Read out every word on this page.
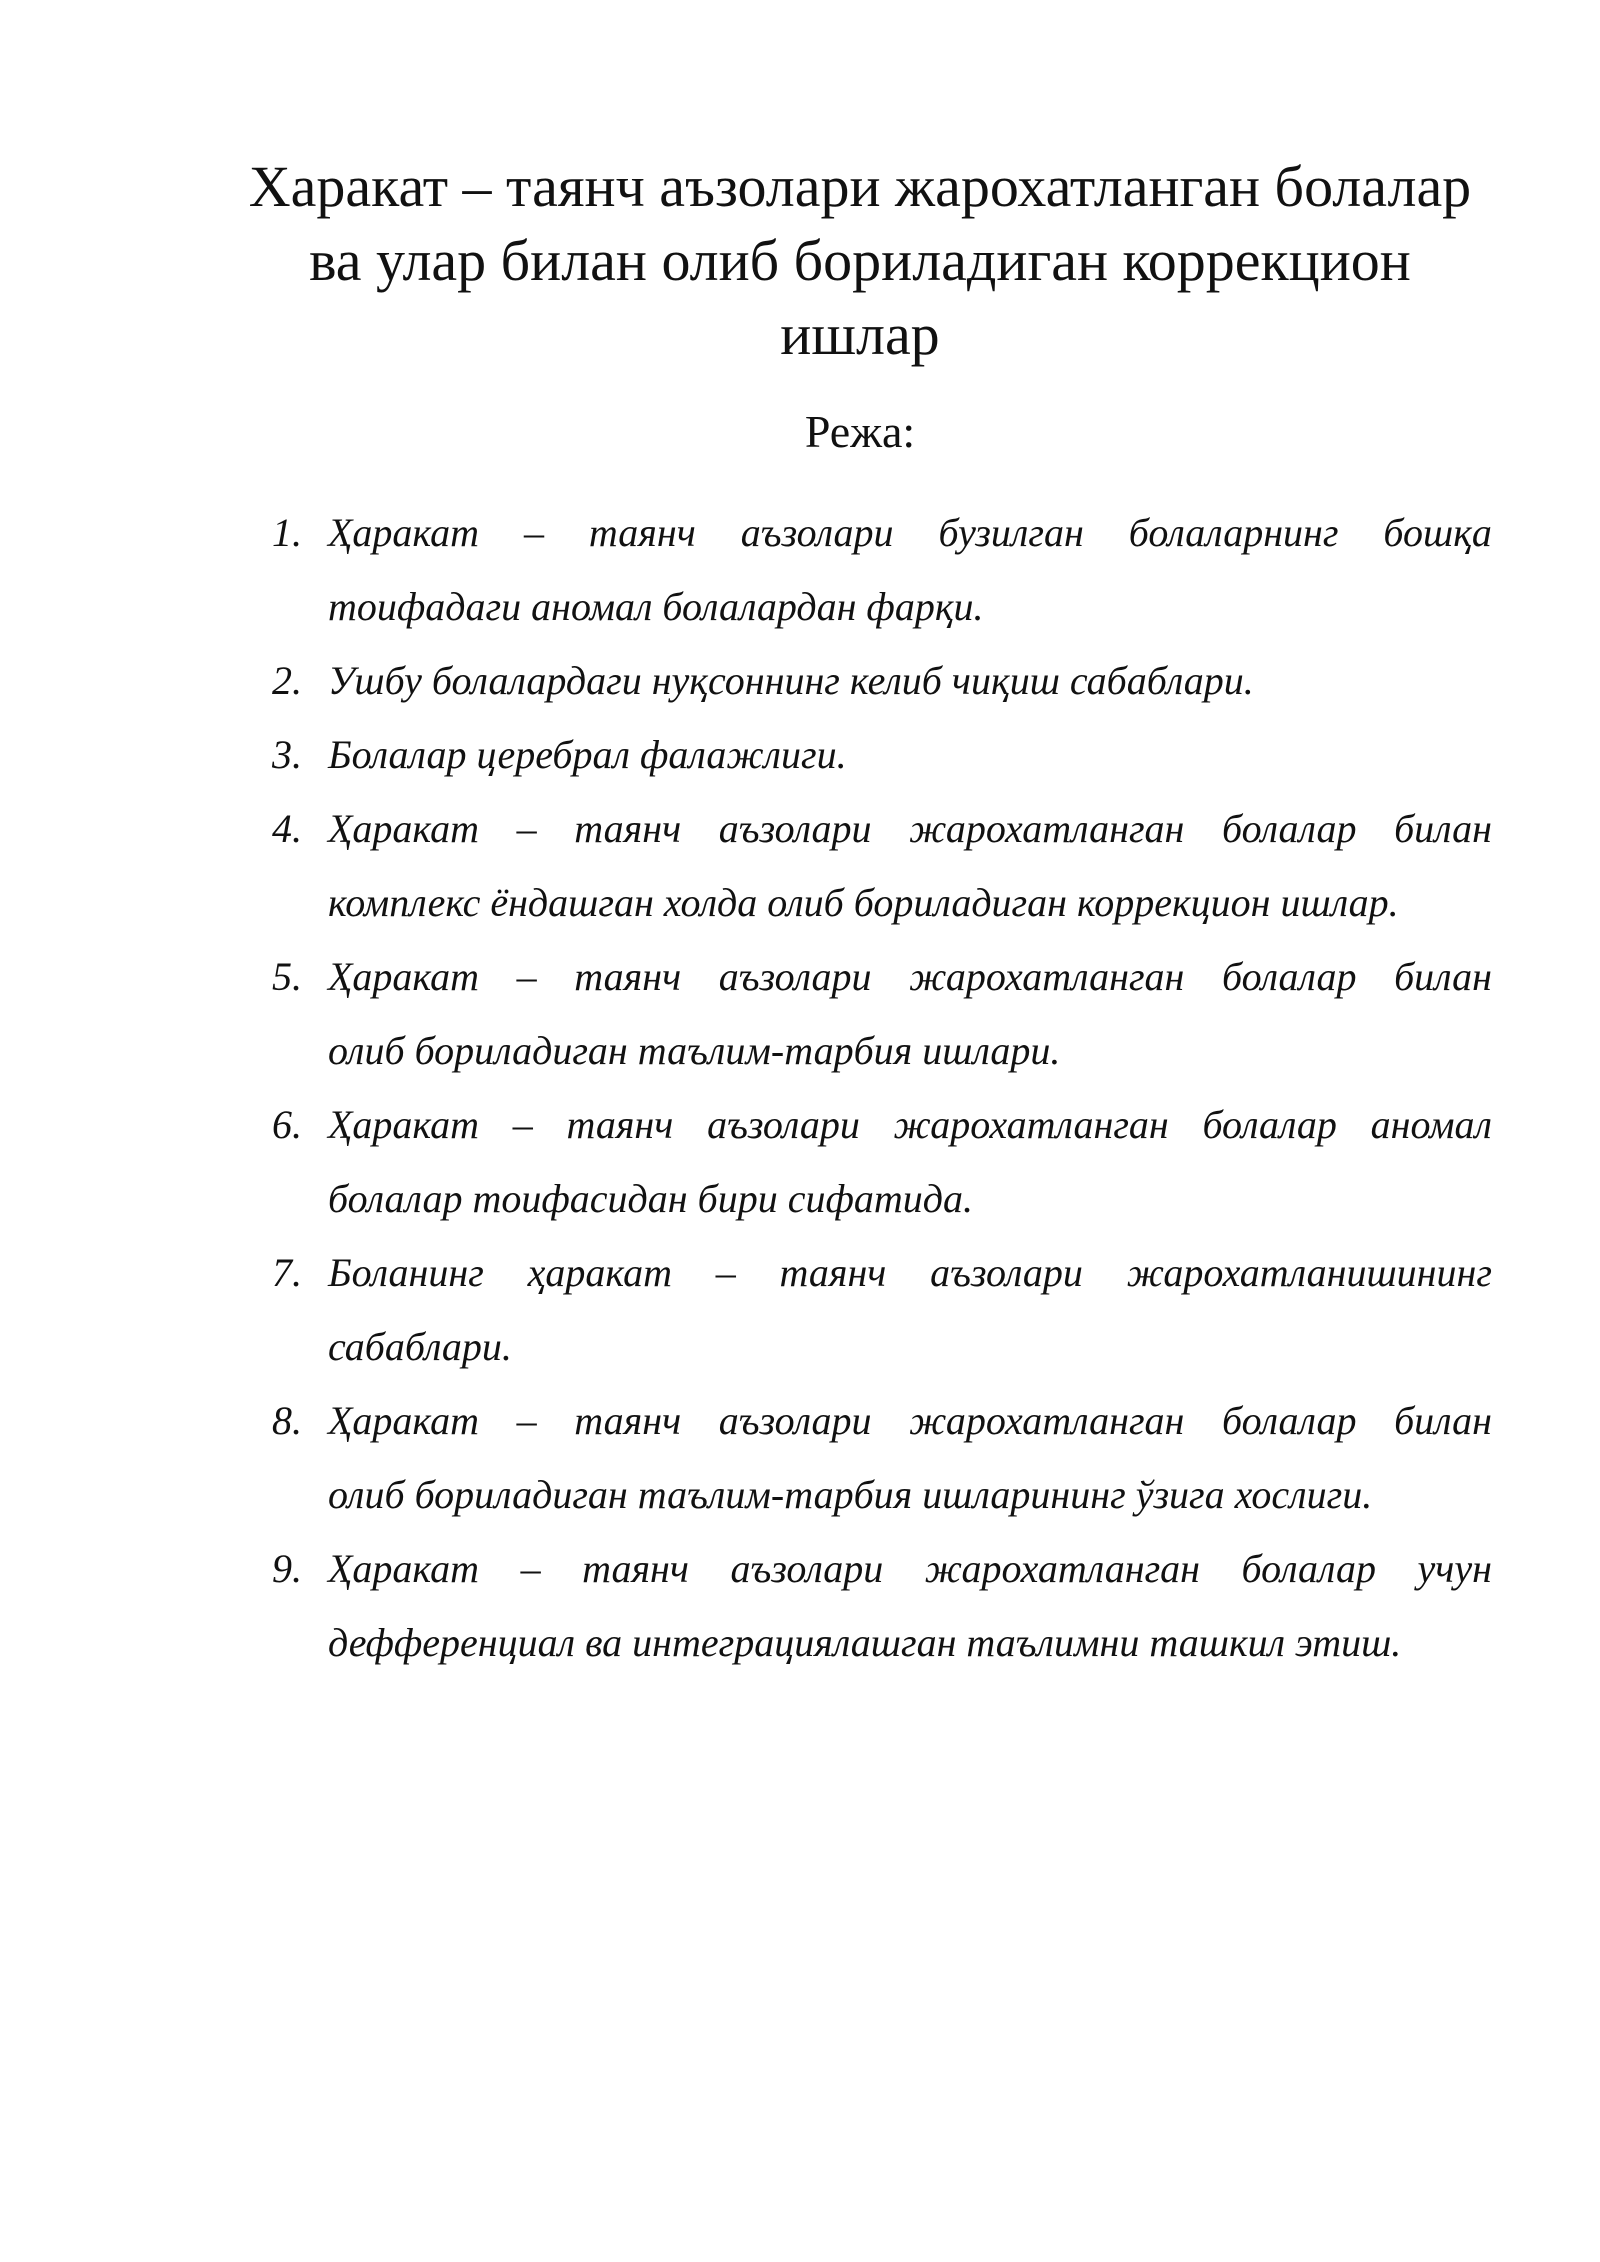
Харакат – таянч аъзолари жарохатланган болалар
ва улар билан олиб бориладиган коррекцион
ишлар
Режа:
1. Ҳаракат – таянч аъзолари бузилган болаларнинг бошқа
тоифадаги аномал болалардан фарқи.
2. Ушбу болалардаги нуқсоннинг келиб чиқиш сабаблари.
3. Болалар церебрал фалажлиги.
4. Ҳаракат – таянч аъзолари жарохатланган болалар билан
комплекс ёндашган холда олиб бориладиган коррекцион ишлар.
5. Ҳаракат – таянч аъзолари жарохатланган болалар билан
олиб бориладиган таълим-тарбия ишлари.
6. Ҳаракат – таянч аъзолари жарохатланган болалар аномал
болалар тоифасидан бири сифатида.
7. Боланинг ҳаракат – таянч аъзолари жарохатланишининг
сабаблари.
8. Ҳаракат – таянч аъзолари жарохатланган болалар билан
олиб бориладиган таълим-тарбия ишларининг ўзига хослиги.
9. Ҳаракат – таянч аъзолари жарохатланган болалар учун
дефференциал ва интеграциялашган таълимни ташкил этиш.
